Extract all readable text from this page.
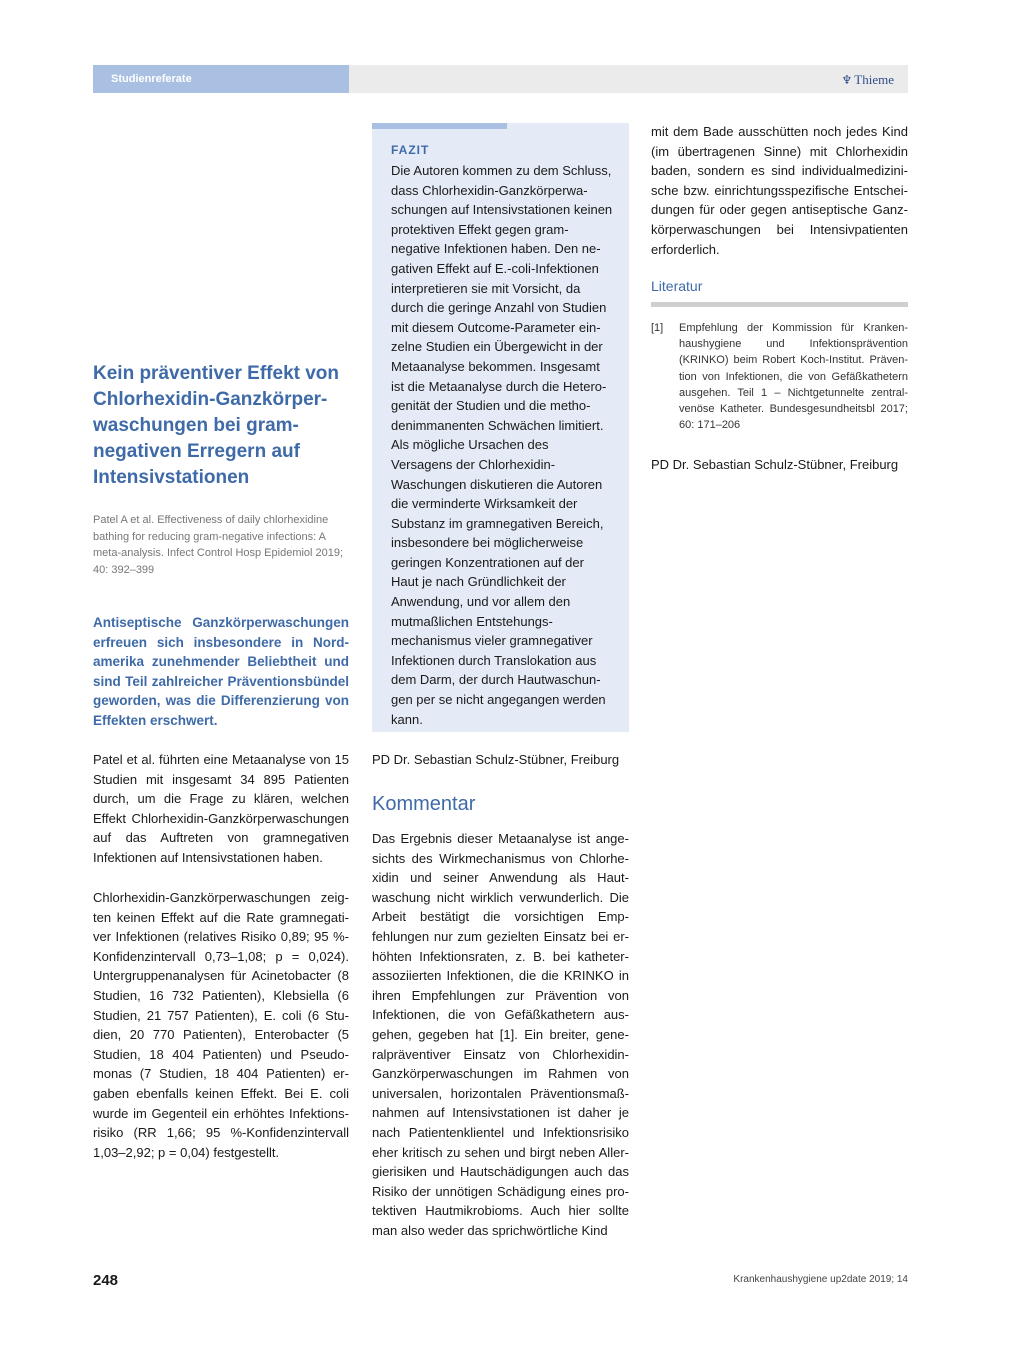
Studienreferate	♆ Thieme
Kein präventiver Effekt von Chlorhexidin-Ganzkörperwaschungen bei gramnegativen Erregern auf Intensivstationen

Patel A et al. Effectiveness of daily chlorhexidine bathing for reducing gram-negative infections: A meta-analysis. Infect Control Hosp Epidemiol 2019; 40: 392–399

Antiseptische Ganzkörperwaschungen erfreuen sich insbesondere in Nordamerika zunehmender Beliebtheit und sind Teil zahlreicher Präventionsbündel geworden, was die Differenzierung von Effekten erschwert.

Patel et al. führten eine Metaanalyse von 15 Studien mit insgesamt 34 895 Patienten durch, um die Frage zu klären, welchen Effekt Chlorhexidin-Ganzkörperwaschungen auf das Auftreten von gramnegativen Infektionen auf Intensivstationen haben.

Chlorhexidin-Ganzkörperwaschungen zeigten keinen Effekt auf die Rate gramnegativer Infektionen (relatives Risiko 0,89; 95 %-Konfidenzintervall 0,73–1,08; p = 0,024). Untergruppenanalysen für Acinetobacter (8 Studien, 16 732 Patienten), Klebsiella (6 Studien, 21 757 Patienten), E. coli (6 Studien, 20 770 Patienten), Enterobacter (5 Studien, 18 404 Patienten) und Pseudomonas (7 Studien, 18 404 Patienten) ergaben ebenfalls keinen Effekt. Bei E. coli wurde im Gegenteil ein erhöhtes Infektionsrisiko (RR 1,66; 95 %-Konfidenzintervall 1,03–2,92; p = 0,04) festgestellt.

FAZIT

Die Autoren kommen zu dem Schluss, dass Chlorhexidin-Ganzkörperwaschungen auf Intensivstationen keinen protektiven Effekt gegen gramnegative Infektionen haben. Den negativen Effekt auf E.-coli-Infektionen interpretieren sie mit Vorsicht, da durch die geringe Anzahl von Studien mit diesem Outcome-Parameter einzelne Studien ein Übergewicht in der Metaanalyse bekommen. Insgesamt ist die Metaanalyse durch die Heterogenität der Studien und die methodenimmanenten Schwächen limitiert. Als mögliche Ursachen des Versagens der Chlorhexidin-Waschungen diskutieren die Autoren die verminderte Wirksamkeit der Substanz im gramnegativen Bereich, insbesondere bei möglicherweise geringen Konzentrationen auf der Haut je nach Gründlichkeit der Anwendung, und vor allem den mutmaßlichen Entstehungsmechanismus vieler gramnegativer Infektionen durch Translokation aus dem Darm, der durch Hautwaschungen per se nicht angegangen werden kann.

PD Dr. Sebastian Schulz-Stübner, Freiburg

Kommentar

Das Ergebnis dieser Metaanalyse ist angesichts des Wirkmechanismus von Chlorhexidin und seiner Anwendung als Hautwaschung nicht wirklich verwunderlich. Die Arbeit bestätigt die vorsichtigen Empfehlungen nur zum gezielten Einsatz bei erhöhten Infektionsraten, z. B. bei katheterassoziierten Infektionen, die die KRINKO in ihren Empfehlungen zur Prävention von Infektionen, die von Gefäßkathetern ausgehen, gegeben hat [1]. Ein breiter, generalpräventiver Einsatz von Chlorhexidin-Ganzkörperwaschungen im Rahmen von universalen, horizontalen Präventionsmaßnahmen auf Intensivstationen ist daher je nach Patientenklientel und Infektionsrisiko eher kritisch zu sehen und birgt neben Allergierisiken und Hautschädigungen auch das Risiko der unnötigen Schädigung eines protektiven Hautmikrobioms. Auch hier sollte man also weder das sprichwörtliche Kind

mit dem Bade ausschütten noch jedes Kind (im übertragenen Sinne) mit Chlorhexidin baden, sondern es sind individualmedizinische bzw. einrichtungsspezifische Entscheidungen für oder gegen antiseptische Ganzkörperwaschungen bei Intensivpatienten erforderlich.

Literatur
[1] Empfehlung der Kommission für Krankenhaushygiene und Infektionsprävention (KRINKO) beim Robert Koch-Institut. Prävention von Infektionen, die von Gefäßkathetern ausgehen. Teil 1 – Nichtgetunnelte zentralvenöse Katheter. Bundesgesundheitsbl 2017; 60: 171–206

PD Dr. Sebastian Schulz-Stübner, Freiburg

248	Krankenhaushygiene up2date 2019; 14
